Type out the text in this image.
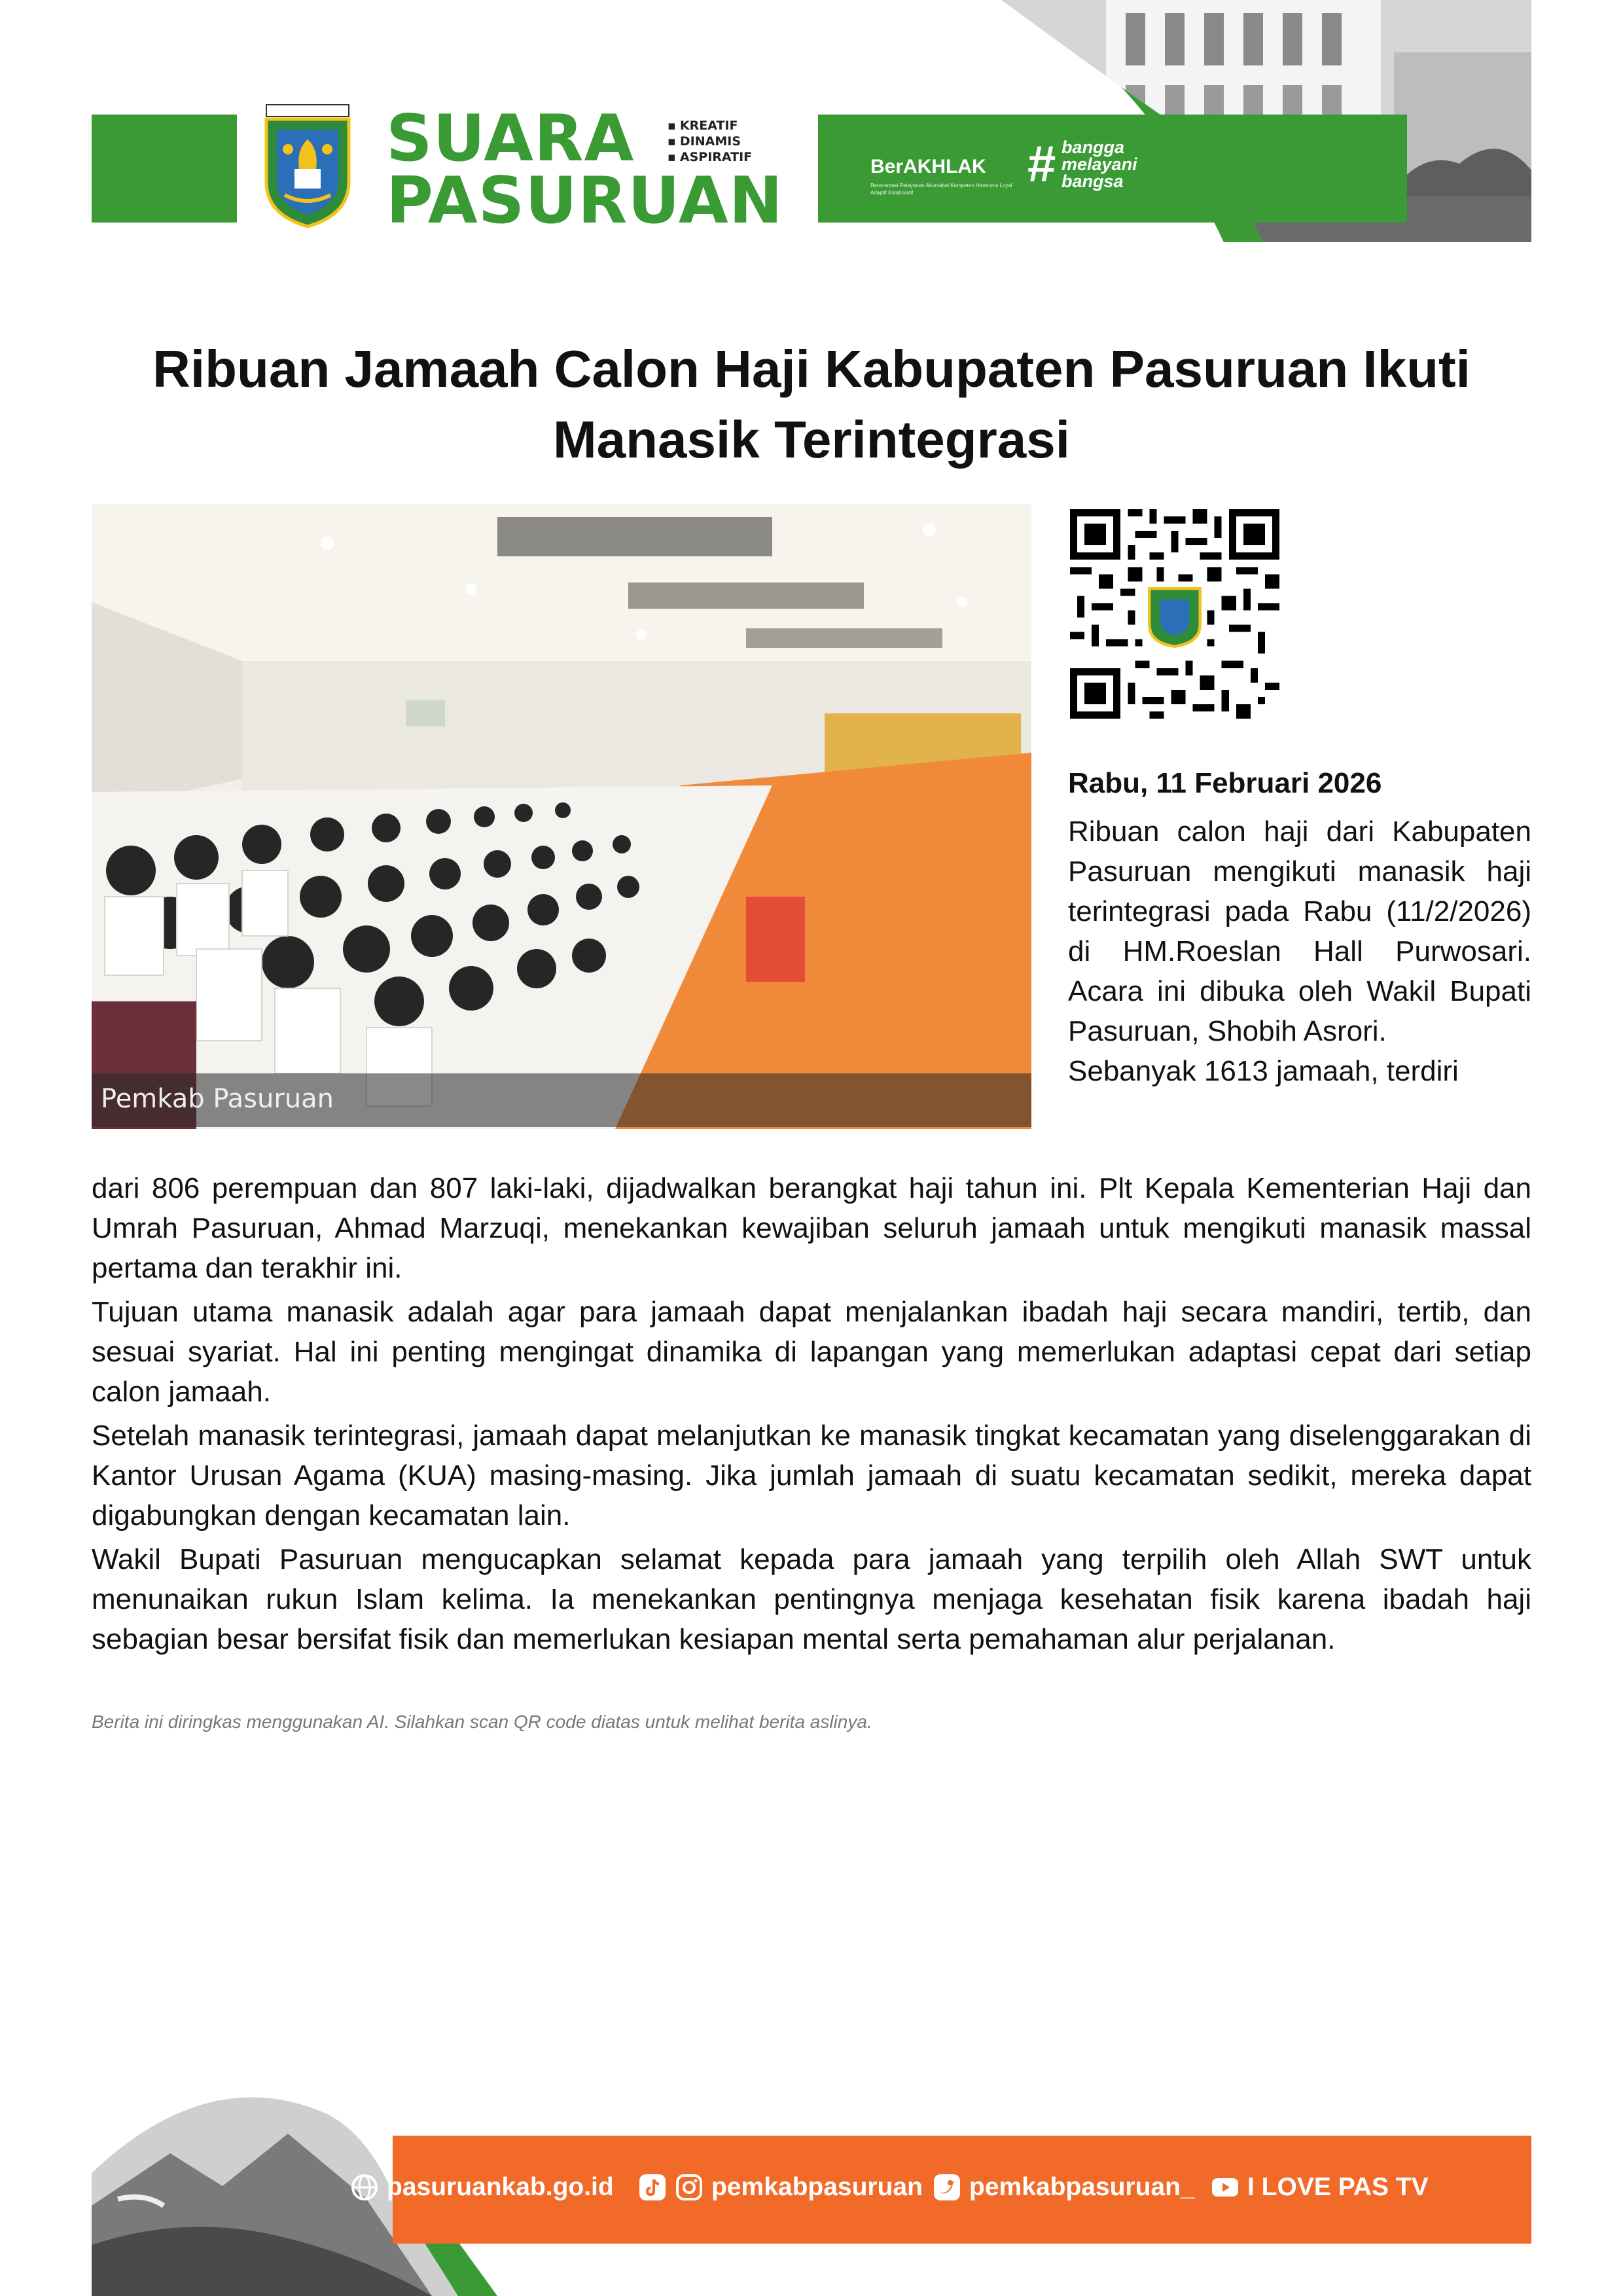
SUARA
PASURUAN
▪ KREATIF
▪ DINAMIS
▪ ASPIRATIF	BerAKHLAK
Berorientasi Pelayanan Akuntabel Kompeten Harmonis Loyal Adaptif Kolaboratif
# bangga
melayani
bangsa
Ribuan Jamaah Calon Haji Kabupaten Pasuruan Ikuti Manasik Terintegrasi
Pemkab Pasuruan
Rabu, 11 Februari 2026

Ribuan calon haji dari Kabupaten Pasuruan mengikuti manasik haji terintegrasi pada Rabu (11/2/2026) di HM.Roeslan Hall Purwosari. Acara ini dibuka oleh Wakil Bupati Pasuruan, Shobih Asrori.

Sebanyak 1613 jamaah, terdiri

dari 806 perempuan dan 807 laki-laki, dijadwalkan berangkat haji tahun ini. Plt Kepala Kementerian Haji dan Umrah Pasuruan, Ahmad Marzuqi, menekankan kewajiban seluruh jamaah untuk mengikuti manasik massal pertama dan terakhir ini.

Tujuan utama manasik adalah agar para jamaah dapat menjalankan ibadah haji secara mandiri, tertib, dan sesuai syariat. Hal ini penting mengingat dinamika di lapangan yang memerlukan adaptasi cepat dari setiap calon jamaah.

Setelah manasik terintegrasi, jamaah dapat melanjutkan ke manasik tingkat kecamatan yang diselenggarakan di Kantor Urusan Agama (KUA) masing-masing. Jika jumlah jamaah di suatu kecamatan sedikit, mereka dapat digabungkan dengan kecamatan lain.

Wakil Bupati Pasuruan mengucapkan selamat kepada para jamaah yang terpilih oleh Allah SWT untuk menunaikan rukun Islam kelima. Ia menekankan pentingnya menjaga kesehatan fisik karena ibadah haji sebagian besar bersifat fisik dan memerlukan kesiapan mental serta pemahaman alur perjalanan.

Berita ini diringkas menggunakan AI. Silahkan scan QR code diatas untuk melihat berita aslinya.
pasuruankab.go.id	pemkabpasuruan pemkabpasuruan_ I LOVE PAS TV
